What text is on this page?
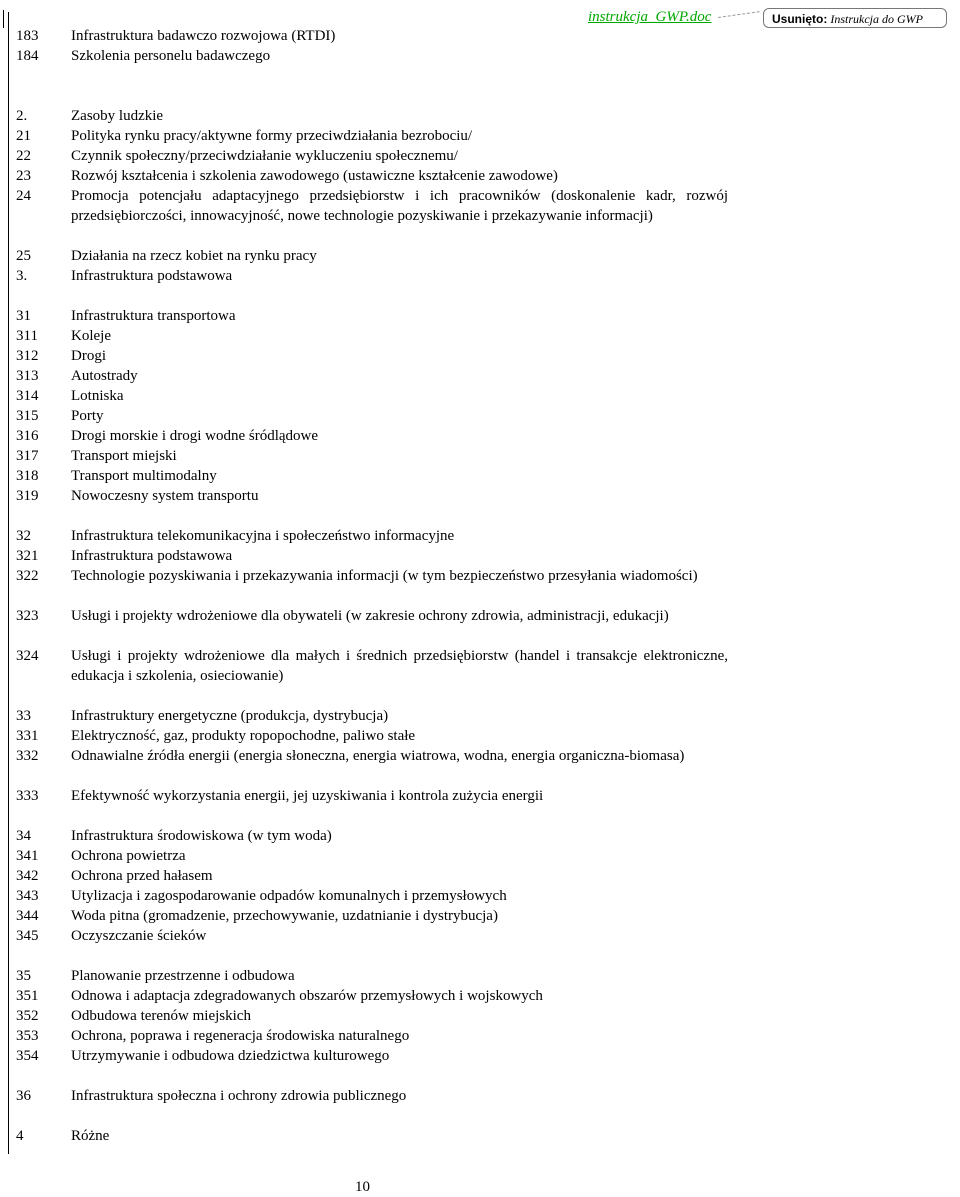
instrukcja_GWP.doc	Usunięto: Instrukcja do GWP
183 Infrastruktura badawczo rozwojowa (RTDI)
184 Szkolenia personelu badawczego
2.	Zasoby ludzkie
21	Polityka rynku pracy/aktywne formy przeciwdziałania bezrobociu/
22	Czynnik społeczny/przeciwdziałanie wykluczeniu społecznemu/
23	Rozwój kształcenia i szkolenia zawodowego (ustawiczne kształcenie zawodowe)
24	Promocja potencjału adaptacyjnego przedsiębiorstw i ich pracowników (doskonalenie kadr, rozwój przedsiębiorczości, innowacyjność, nowe technologie pozyskiwanie i przekazywanie informacji)
25	Działania na rzecz kobiet na rynku pracy
3.	Infrastruktura podstawowa
31	Infrastruktura transportowa
311 Koleje
312 Drogi
313 Autostrady
314 Lotniska
315 Porty
316 Drogi morskie i drogi wodne śródlądowe
317 Transport miejski
318 Transport multimodalny
319 Nowoczesny system transportu
32	Infrastruktura telekomunikacyjna i społeczeństwo informacyjne
321 Infrastruktura podstawowa
322 Technologie pozyskiwania i przekazywania informacji (w tym bezpieczeństwo przesyłania wiadomości)
323 Usługi i projekty wdrożeniowe dla obywateli (w zakresie ochrony zdrowia, administracji, edukacji)
324 Usługi i projekty wdrożeniowe dla małych i średnich przedsiębiorstw (handel i transakcje elektroniczne, edukacja i szkolenia, osieciowanie)
33	Infrastruktury energetyczne (produkcja, dystrybucja)
331 Elektryczność, gaz, produkty ropopochodne, paliwo stałe
332 Odnawialne źródła energii (energia słoneczna, energia wiatrowa, wodna, energia organiczna-biomasa)
333 Efektywność wykorzystania energii, jej uzyskiwania i kontrola zużycia energii
34	Infrastruktura środowiskowa (w tym woda)
341 Ochrona powietrza
342 Ochrona przed hałasem
343 Utylizacja i zagospodarowanie odpadów komunalnych i przemysłowych
344 Woda pitna (gromadzenie, przechowywanie, uzdatnianie i dystrybucja)
345 Oczyszczanie ścieków
35	Planowanie przestrzenne i odbudowa
351 Odnowa i adaptacja zdegradowanych obszarów przemysłowych i wojskowych
352 Odbudowa terenów miejskich
353 Ochrona, poprawa i regeneracja środowiska naturalnego
354 Utrzymywanie i odbudowa dziedzictwa kulturowego
36	Infrastruktura społeczna i ochrony zdrowia publicznego
4	Różne
10
